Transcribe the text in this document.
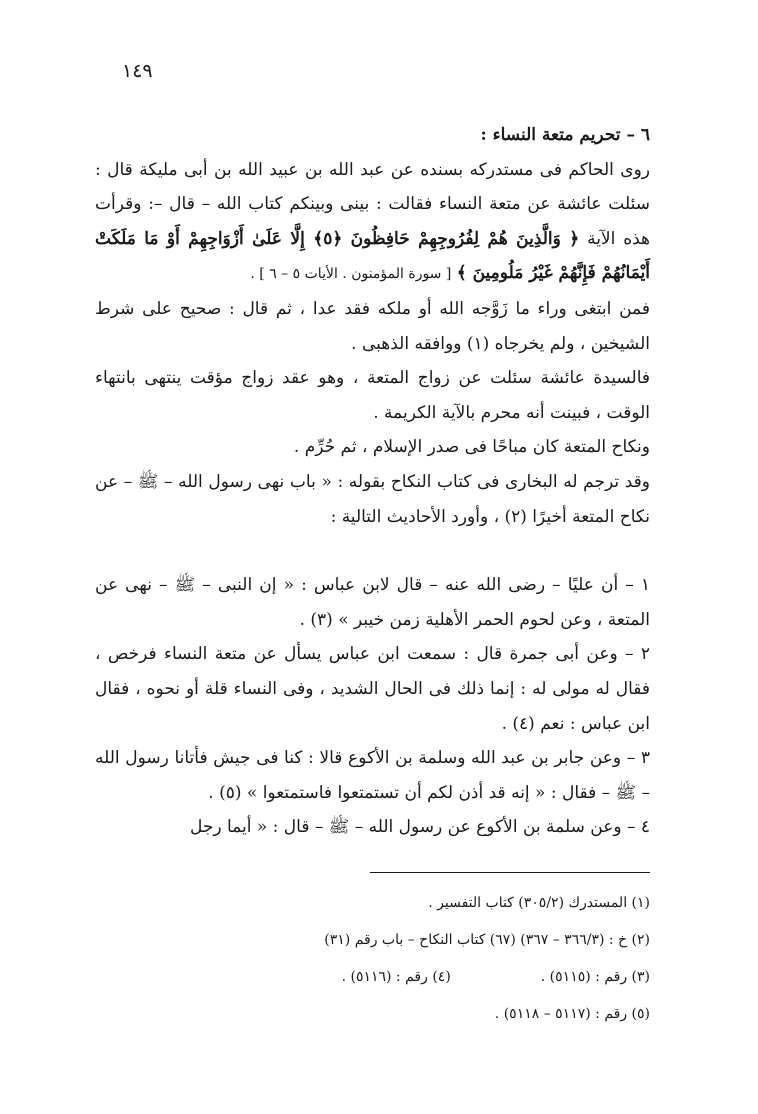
١٤٩

٦ – تحريم متعة النساء :

روى الحاكم فى مستدركه بسنده عن عبد الله بن عبيد الله بن أبى مليكة قال : سئلت عائشة عن متعة النساء فقالت : بينى وبينكم كتاب الله – قال –: وقرأت هذه الآية ﴿ وَالَّذِينَ هُمْ لِفُرُوجِهِمْ حَافِظُونَ ﴿٥﴾ إِلَّا عَلَىٰ أَزْوَاجِهِمْ أَوْ مَا مَلَكَتْ أَيْمَانُهُمْ فَإِنَّهُمْ غَيْرُ مَلُومِينَ ﴾ [ سورة المؤمنون . الأيات ٥ – ٦ ] .

فمن ابتغى وراء ما زَوَّجه الله أو ملكه فقد عدا ، ثم قال : صحيح على شرط الشيخين ، ولم يخرجاه (١) ووافقه الذهبى .

فالسيدة عائشة سئلت عن زواج المتعة ، وهو عقد زواج مؤقت ينتهى بانتهاء الوقت ، فبينت أنه محرم بالآية الكريمة .

ونكاح المتعة كان مباحًا فى صدر الإسلام ، ثم حُرِّم .

وقد ترجم له البخارى فى كتاب النكاح بقوله : « باب نهى رسول الله – ﷺ – عن نكاح المتعة أخيرًا (٢) ، وأورد الأحاديث التالية :

١ – أن عليًا – رضى الله عنه – قال لابن عباس : « إن النبى – ﷺ – نهى عن المتعة ، وعن لحوم الحمر الأهلية زمن خيبر » (٣) .

٢ – وعن أبى جمرة قال : سمعت ابن عباس يسأل عن متعة النساء فرخص ، فقال له مولى له : إنما ذلك فى الحال الشديد ، وفى النساء قلة أو نحوه ، فقال ابن عباس : نعم (٤) .

٣ – وعن جابر بن عبد الله وسلمة بن الأكوع قالا : كنا فى جيش فأتانا رسول الله – ﷺ – فقال : « إنه قد أذن لكم أن تستمتعوا فاستمتعوا » (٥) .

٤ – وعن سلمة بن الأكوع عن رسول الله – ﷺ – قال : « أيما رجل

(١) المستدرك (٣٠٥/٢) كتاب التفسير .

(٢) خ : (٣٦٦/٣ – ٣٦٧) (٦٧) كتاب النكاح – باب رقم (٣١)

(٣) رقم : (٥١١٥) .

(٤) رقم : (٥١١٦) .

(٥) رقم : (٥١١٧ – ٥١١٨) .
